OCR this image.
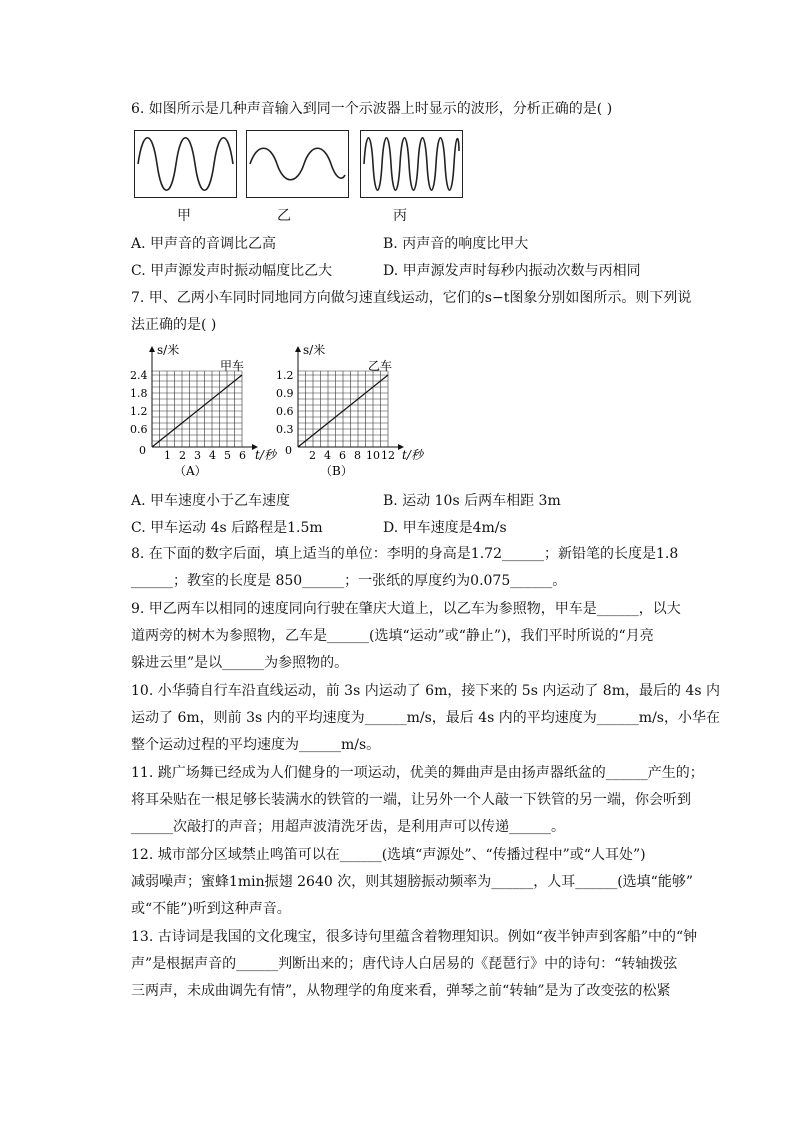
6. 如图所示是几种声音输入到同一个示波器上时显示的波形，分析正确的是( )
甲	乙	丙
A. 甲声音的音调比乙高	B. 丙声音的响度比甲大
C. 甲声源发声时振动幅度比乙大	D. 甲声源发声时每秒内振动次数与丙相同
7. 甲、乙两小车同时同地同方向做匀速直线运动，它们的s−t图象分别如图所示。则下列说
法正确的是( )
s/米
甲车
2.4
1.8
1.2
0.6
0 1 2 3 4 5 6 t/秒
（A）
s/米
乙车
1.2
0.9
0.6
0.3
0 2 4 6 8 10 12 t/秒
（B）
A. 甲车速度小于乙车速度	B. 运动 10s 后两车相距 3m
C. 甲车运动 4s 后路程是1.5m	D. 甲车速度是4m/s
8. 在下面的数字后面，填上适当的单位：李明的身高是1.72______；新铅笔的长度是1.8
______；教室的长度是 850______；一张纸的厚度约为0.075______。
9. 甲乙两车以相同的速度同向行驶在肇庆大道上，以乙车为参照物，甲车是______，以大
道两旁的树木为参照物，乙车是______(选填“运动”或“静止”)，我们平时所说的“月亮
躲进云里”是以______为参照物的。
10. 小华骑自行车沿直线运动，前 3s 内运动了 6m，接下来的 5s 内运动了 8m，最后的 4s 内
运动了 6m，则前 3s 内的平均速度为______m/s，最后 4s 内的平均速度为______m/s，小华在
整个运动过程的平均速度为______m/s。
11. 跳广场舞已经成为人们健身的一项运动，优美的舞曲声是由扬声器纸盆的______产生的；
将耳朵贴在一根足够长装满水的铁管的一端，让另外一个人敲一下铁管的另一端，你会听到
______次敲打的声音；用超声波清洗牙齿，是利用声可以传递______。
12. 城市部分区域禁止鸣笛可以在______(选填“声源处”、“传播过程中”或“人耳处”)
减弱噪声；蜜蜂1min振翅 2640 次，则其翅膀振动频率为______，人耳______(选填“能够”
或“不能”)听到这种声音。
13. 古诗词是我国的文化瑰宝，很多诗句里蕴含着物理知识。例如“夜半钟声到客船”中的“钟
声”是根据声音的______判断出来的；唐代诗人白居易的《琵琶行》中的诗句：“转轴拨弦
三两声，未成曲调先有情”，从物理学的角度来看，弹琴之前“转轴”是为了改变弦的松紧
